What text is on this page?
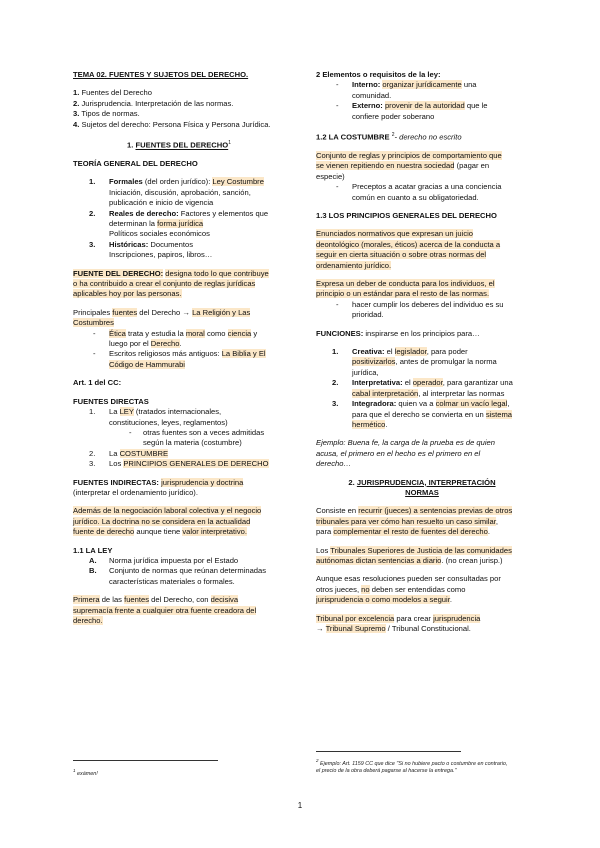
TEMA 02. FUENTES Y SUJETOS DEL DERECHO.

1. Fuentes del Derecho

2. Jurisprudencia. Interpretación de las normas.

3. Tipos de normas.

4. Sujetos del derecho: Persona Física y Persona Jurídica.

1. FUENTES DEL DERECHO$^1$

TEORÍA GENERAL DEL DERECHO

1. Formales (del orden jurídico): Ley Costumbre

Iniciación, discusión, aprobación, sanción,

publicación e inicio de vigencia

2. Reales de derecho: Factores y elementos que

determinan la forma jurídica

Políticos sociales económicos

3. Históricas: Documentos

Inscripciones, papiros, libros…

FUENTE DEL DERECHO: designa todo lo que contribuye

o ha contribuido a crear el conjunto de reglas jurídicas

aplicables hoy por las personas.

Principales fuentes del Derecho → La Religión y Las

Costumbres

- Ética trata y estudia la moral como ciencia y

luego por el Derecho.

- Escritos religiosos más antiguos: La Biblia y El

Código de Hammurabi

Art. 1 del CC:

FUENTES DIRECTAS

1. La LEY (tratados internacionales,

constituciones, leyes, reglamentos)

- otras fuentes son a veces admitidas

según la materia (costumbre)

2. La COSTUMBRE

3. Los PRINCIPIOS GENERALES DE DERECHO

FUENTES INDIRECTAS: jurisprudencia y doctrina

(interpretar el ordenamiento jurídico).

Además de la negociación laboral colectiva y el negocio

jurídico. La doctrina no se considera en la actualidad

fuente de derecho aunque tiene valor interpretativo.

1.1 LA LEY

A. Norma jurídica impuesta por el Estado

B. Conjunto de normas que reúnan determinadas

características materiales o formales.

Primera de las fuentes del Derecho, con decisiva

supremacía frente a cualquier otra fuente creadora del

derecho.

$^1$ exámen!

2 Elementos o requisitos de la ley:

- Interno: organizar jurídicamente una

comunidad.

- Externo: provenir de la autoridad que le

confiere poder soberano

1.2 LA COSTUMBRE $^2$- derecho no escrito

Conjunto de reglas y principios de comportamiento que

se vienen repitiendo en nuestra sociedad (pagar en

especie)

- Preceptos a acatar gracias a una conciencia

común en cuanto a su obligatoriedad.

1.3 LOS PRINCIPIOS GENERALES DEL DERECHO

Enunciados normativos que expresan un juicio

deontológico (morales, éticos) acerca de la conducta a

seguir en cierta situación o sobre otras normas del

ordenamiento jurídico.

Expresa un deber de conducta para los individuos, el

principio o un estándar para el resto de las normas.

- hacer cumplir los deberes del individuo es su

prioridad.

FUNCIONES: inspirarse en los principios para…

1. Creativa: el legislador, para poder

positivizarlos, antes de promulgar la norma

jurídica,

2. Interpretativa: el operador, para garantizar una

cabal interpretación, al interpretar las normas

3. Integradora: quien va a colmar un vacío legal,

para que el derecho se convierta en un sistema

hermético.

Ejemplo: Buena fe, la carga de la prueba es de quien

acusa, el primero en el hecho es el primero en el

derecho…

2. JURISPRUDENCIA, INTERPRETACIÓN

NORMAS

Consiste en recurrir (jueces) a sentencias previas de otros

tribunales para ver cómo han resuelto un caso similar,

para complementar el resto de fuentes del derecho.

Los Tribunales Superiores de Justicia de las comunidades

autónomas dictan sentencias a diario. (no crean jurisp.)

Aunque esas resoluciones pueden ser consultadas por

otros jueces, no deben ser entendidas como

jurisprudencia o como modelos a seguir.

Tribunal por excelencia para crear jurisprudencia

→ Tribunal Supremo / Tribunal Constitucional.

$^2$ Ejemplo: Art. 1159 CC que dice "Si no hubiere pacto o costumbre en contrario,

el precio de la obra deberá pagarse al hacerse la entrega."

1
